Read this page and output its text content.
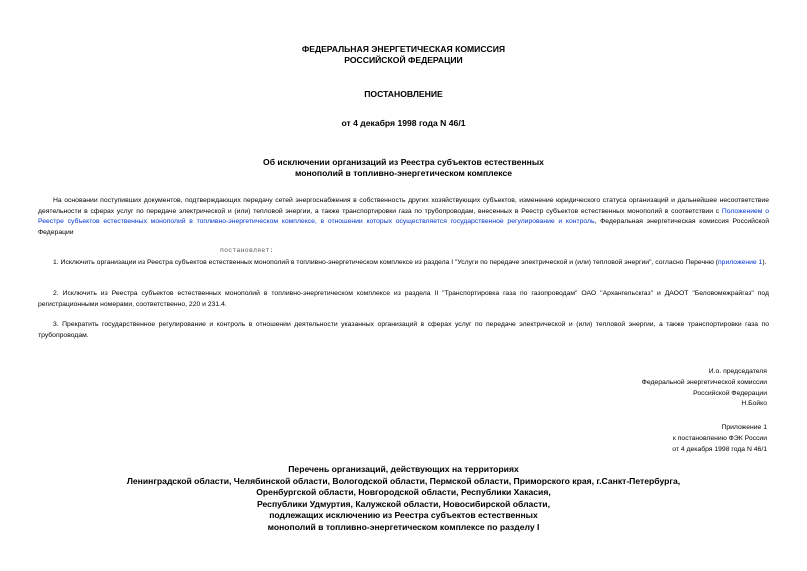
ФЕДЕРАЛЬНАЯ ЭНЕРГЕТИЧЕСКАЯ КОМИССИЯ
РОССИЙСКОЙ ФЕДЕРАЦИИ
ПОСТАНОВЛЕНИЕ
от 4 декабря 1998 года N 46/1
Об исключении организаций из Реестра субъектов естественных
монополий в топливно-энергетическом комплексе

На основании поступивших документов, подтверждающих передачу сетей энергоснабжения в собственность других хозяйствующих субъектов, изменение юридического статуса организаций и дальнейшее несоответствие деятельности в сферах услуг по передаче электрической и (или) тепловой энергии, а также транспортировки газа по трубопроводам, внесенных в Реестр субъектов естественных монополий в соответствии с Положением о Реестре субъектов естественных монополий в топливно-энергетическом комплексе, в отношении которых осуществляется государственное регулирование и контроль, Федеральная энергетическая комиссия Российской Федерации

постановляет:

1. Исключить организации из Реестра субъектов естественных монополий в топливно-энергетическом комплексе из раздела I "Услуги по передаче электрической и (или) тепловой энергии", согласно Перечню (приложение 1).

2. Исключить из Реестра субъектов естественных монополий в топливно-энергетическом комплексе из раздела II "Транспортировка газа по газопроводам" ОАО "Архангельскгаз" и ДАООТ "Беловомежрайгаз" под регистрационными номерами, соответственно, 220 и 231.4.

3. Прекратить государственное регулирование и контроль в отношении деятельности указанных организаций в сферах услуг по передаче электрической и (или) тепловой энергии, а также транспортировки газа по трубопроводам.

И.о. председателя
Федеральной энергетической комиссии
Российской Федерации
Н.Бойко
Приложение 1
к постановлению ФЭК России
от 4 декабря 1998 года N 46/1
Перечень организаций, действующих на территориях
Ленинградской области, Челябинской области, Вологодской области, Пермской области, Приморского края, г.Санкт-Петербурга,
Оренбургской области, Новгородской области, Республики Хакасия,
Республики Удмуртия, Калужской области, Новосибирской области,
подлежащих исключению из Реестра субъектов естественных
монополий в топливно-энергетическом комплексе по разделу I
